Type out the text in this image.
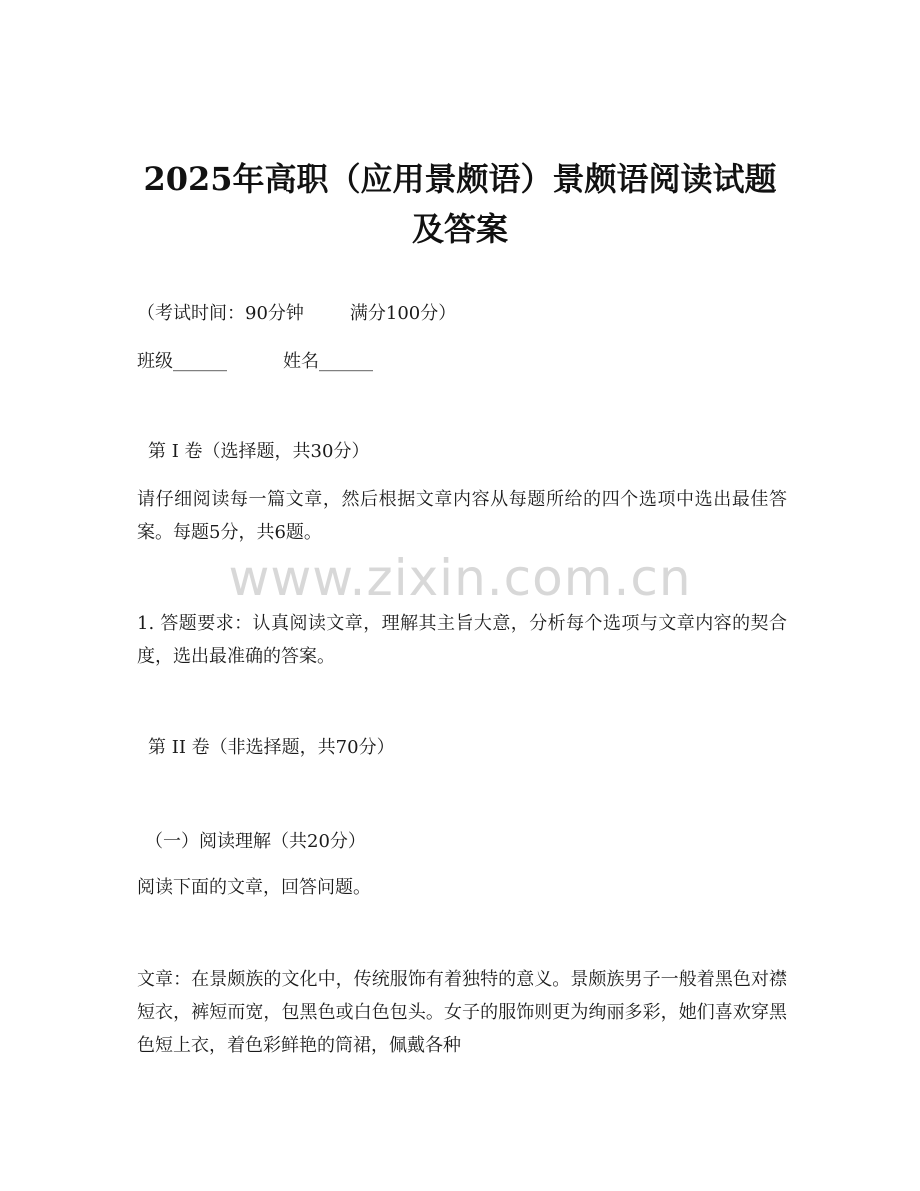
2025年高职（应用景颇语）景颇语阅读试题
及答案
（考试时间：90分钟	满分100分）
班级______	姓名______
第 I 卷（选择题，共30分）
请仔细阅读每一篇文章，然后根据文章内容从每题所给的四个选项中选出最佳答案。每题5分，共6题。
www.zixin.com.cn
1. 答题要求：认真阅读文章，理解其主旨大意，分析每个选项与文章内容的契合度，选出最准确的答案。
第 II 卷（非选择题，共70分）
（一）阅读理解（共20分）
阅读下面的文章，回答问题。
文章：在景颇族的文化中，传统服饰有着独特的意义。景颇族男子一般着黑色对襟短衣，裤短而宽，包黑色或白色包头。女子的服饰则更为绚丽多彩，她们喜欢穿黑色短上衣，着色彩鲜艳的筒裙，佩戴各种
